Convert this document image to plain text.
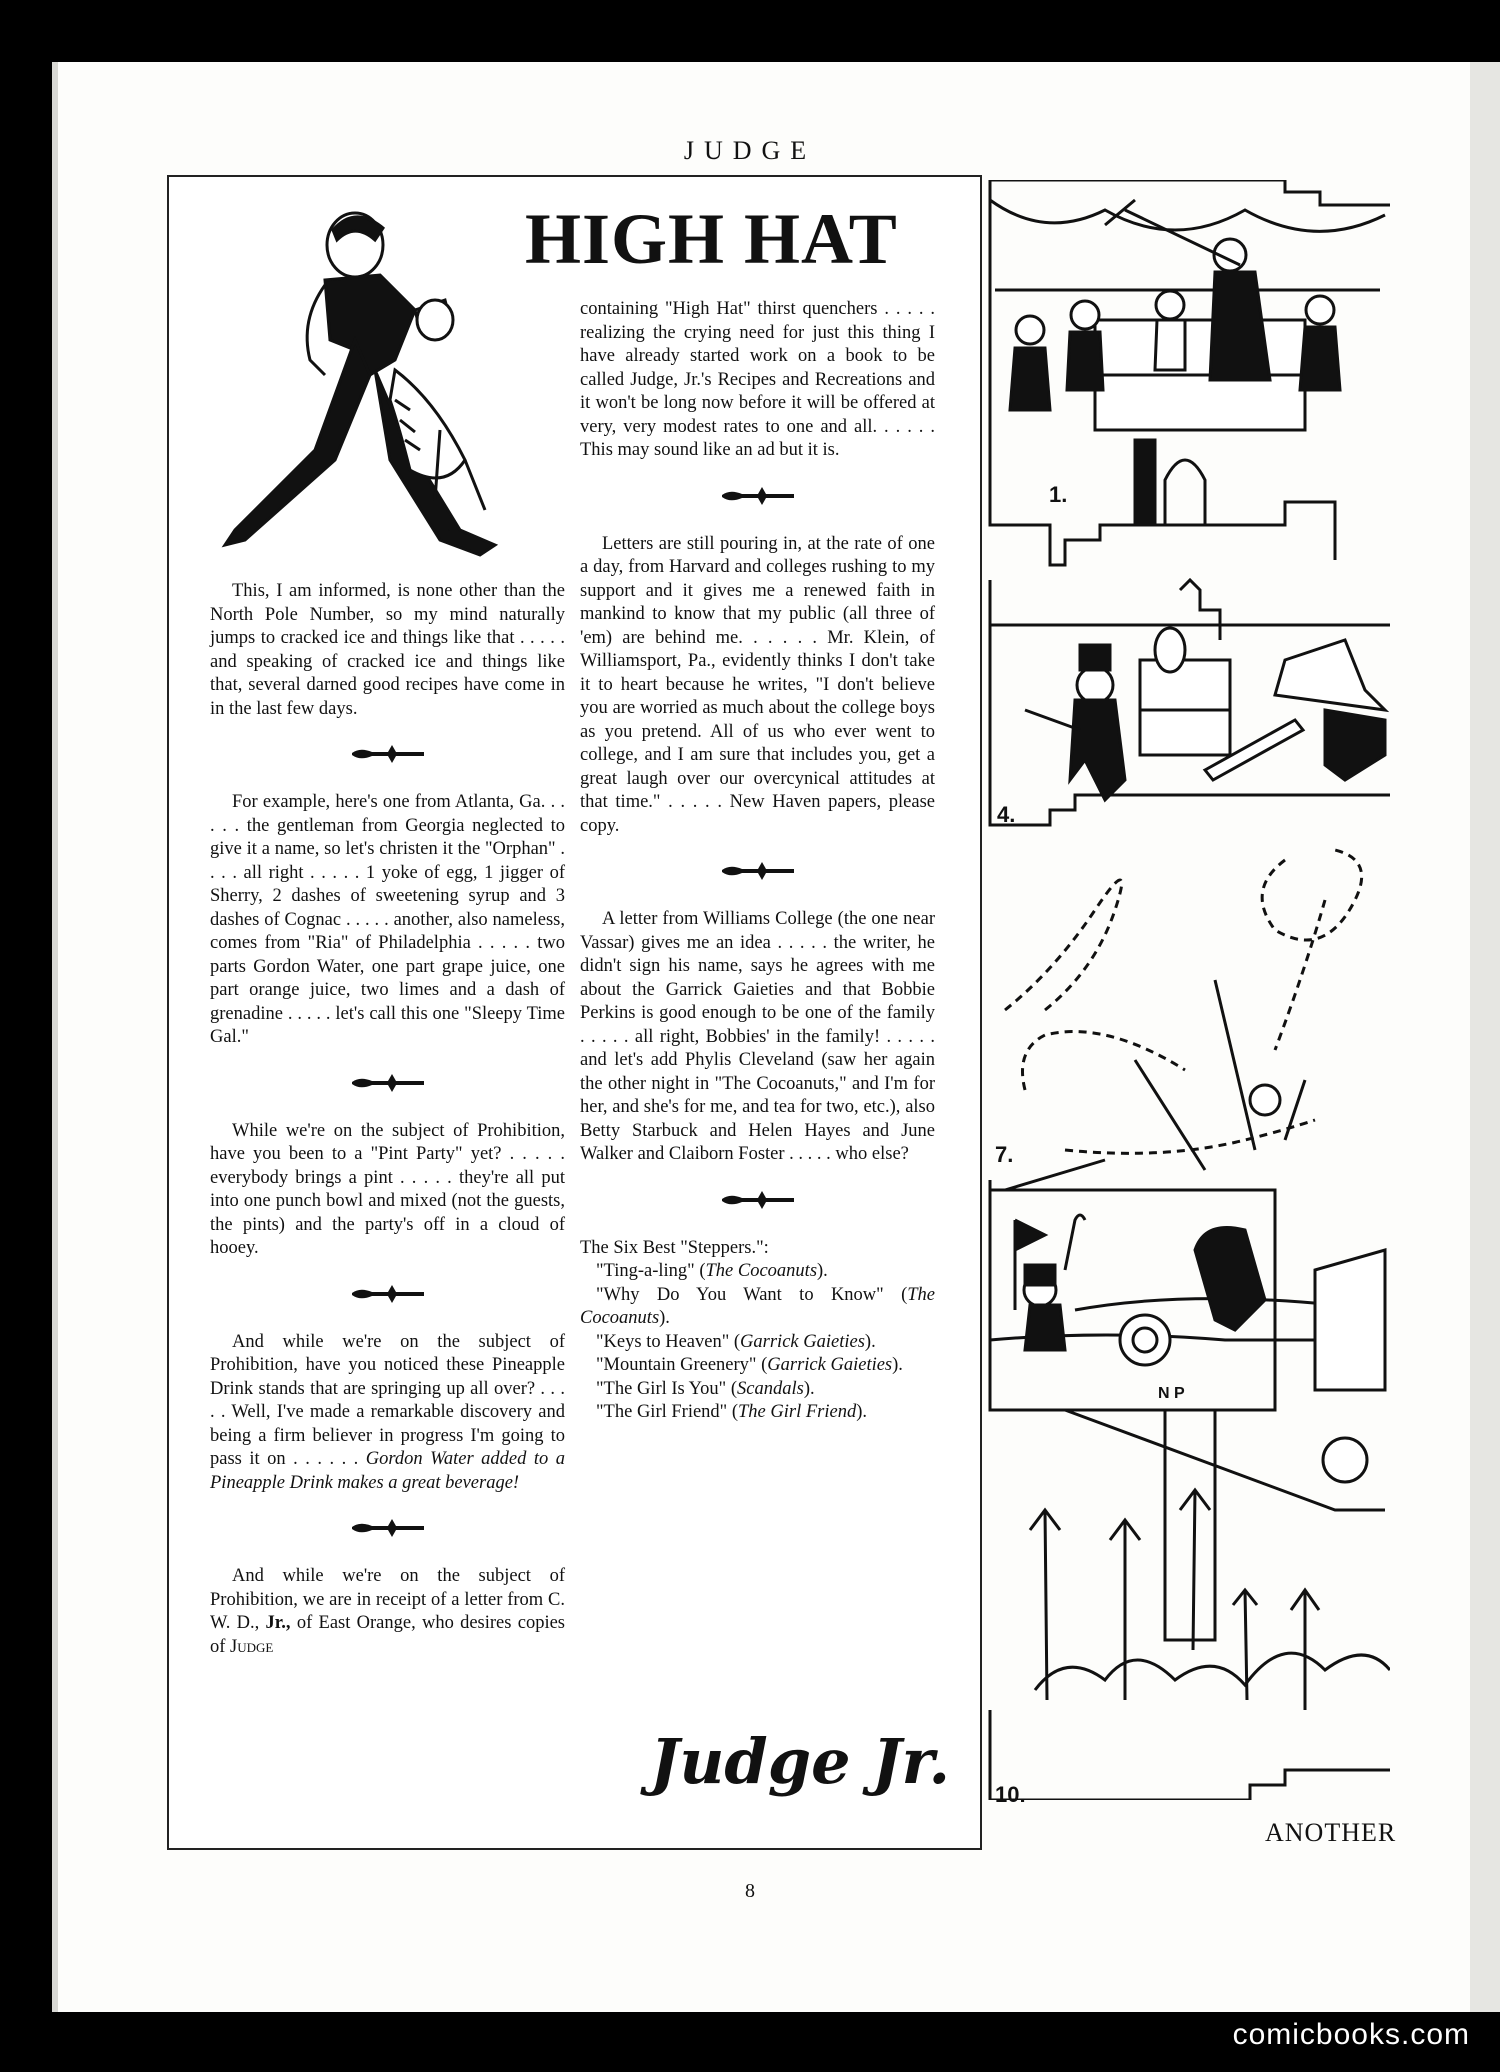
JUDGE
HIGH HAT

This, I am informed, is none other than the North Pole Number, so my mind naturally jumps to cracked ice and things like that . . . . . and speaking of cracked ice and things like that, several darned good recipes have come in in the last few days.

For example, here's one from Atlanta, Ga. . . . . . the gentleman from Georgia neglected to give it a name, so let's christen it the "Orphan" . . . . all right . . . . . 1 yoke of egg, 1 jigger of Sherry, 2 dashes of sweetening syrup and 3 dashes of Cognac . . . . . another, also nameless, comes from "Ria" of Philadelphia . . . . . two parts Gordon Water, one part grape juice, one part orange juice, two limes and a dash of grenadine . . . . . let's call this one "Sleepy Time Gal."

While we're on the subject of Prohibition, have you been to a "Pint Party" yet? . . . . . everybody brings a pint . . . . . they're all put into one punch bowl and mixed (not the guests, the pints) and the party's off in a cloud of hooey.

And while we're on the subject of Prohibition, have you noticed these Pineapple Drink stands that are springing up all over? . . . . . Well, I've made a remarkable discovery and being a firm believer in progress I'm going to pass it on . . . . . . Gordon Water added to a Pineapple Drink makes a great beverage!

And while we're on the subject of Prohibition, we are in receipt of a letter from C. W. D., Jr., of East Orange, who desires copies of Judge

containing "High Hat" thirst quenchers . . . . . realizing the crying need for just this thing I have already started work on a book to be called Judge, Jr.'s Recipes and Recreations and it won't be long now before it will be offered at very, very modest rates to one and all. . . . . . This may sound like an ad but it is.

Letters are still pouring in, at the rate of one a day, from Harvard and colleges rushing to my support and it gives me a renewed faith in mankind to know that my public (all three of 'em) are behind me. . . . . . Mr. Klein, of Williamsport, Pa., evidently thinks I don't take it to heart because he writes, "I don't believe you are worried as much about the college boys as you pretend. All of us who ever went to college, and I am sure that includes you, get a great laugh over our overcynical attitudes at that time." . . . . . New Haven papers, please copy.

A letter from Williams College (the one near Vassar) gives me an idea . . . . . the writer, he didn't sign his name, says he agrees with me about the Garrick Gaieties and that Bobbie Perkins is good enough to be one of the family . . . . . all right, Bobbies' in the family! . . . . . and let's add Phylis Cleveland (saw her again the other night in "The Cocoanuts," and I'm for her, and she's for me, and tea for two, etc.), also Betty Starbuck and Helen Hayes and June Walker and Claiborn Foster . . . . . who else?

The Six Best "Steppers.":

"Ting-a-ling" (The Cocoanuts).

"Why Do You Want to Know" (The Cocoanuts).

"Keys to Heaven" (Garrick Gaieties).

"Mountain Greenery" (Garrick Gaieties).

"The Girl Is You" (Scandals).

"The Girl Friend" (The Girl Friend).

Judge Jr.
1.
4.
7.
10.
N P
ANOTHER
8
comicbooks.com
